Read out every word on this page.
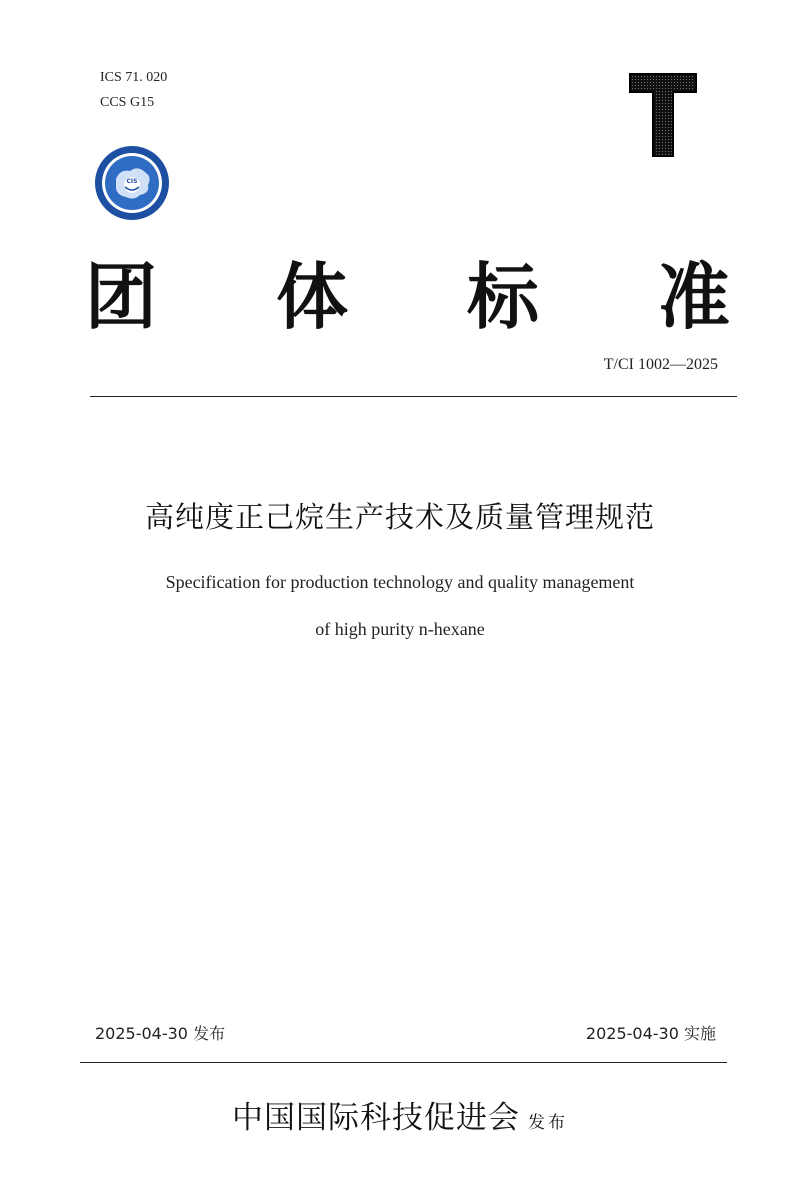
ICS 71. 020
CCS G15
CIS
团 体 标 准
T/CI 1002—2025
高纯度正己烷生产技术及质量管理规范
Specification for production technology and quality management
of high purity n-hexane
2025-04-30 发布	2025-04-30 实施
中国国际科技促进会 发布
